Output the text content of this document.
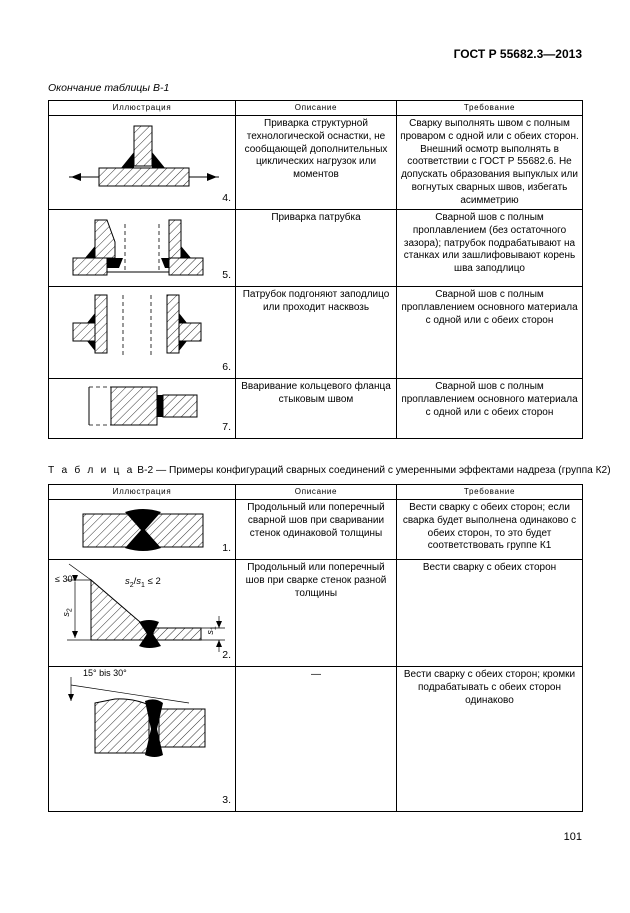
ГОСТ Р 55682.3—2013
Окончание таблицы В-1
Иллюстрация	Описание	Требование

4.	Приварка структурной технологической оснастки, не сообщающей дополнительных циклических нагрузок или моментов	Сварку выполнять швом с полным проваром с одной или с обеих сторон. Внешний осмотр выполнять в соответствии с ГОСТ Р 55682.6. Не допускать образования выпуклых или вогнутых сварных швов, избегать асимметрию

5.	Приварка патрубка	Сварной шов с полным проплавлением (без остаточного зазора); патрубок подрабатывают на станках или зашлифовывают корень шва заподлицо

6.	Патрубок подгоняют заподлицо или проходит насквозь	Сварной шов с полным проплавлением основного материала с одной или с обеих сторон

7.	Вваривание кольцевого фланца стыковым швом	Сварной шов с полным проплавлением основного материала с одной или с обеих сторон
Т а б л и ц а В-2 — Примеры конфигураций сварных соединений с умеренными эффектами надреза (группа К2)
Иллюстрация	Описание	Требование

1.	Продольный или поперечный сварной шов при сваривании стенок одинаковой толщины	Вести сварку с обеих сторон; если сварка будет выполнена одинаково с обеих сторон, то это будет соответствовать группе К1

≤ 30° $s_2/s_1 \le 2$
$s_2$
$s_1$
2.	Продольный или поперечный шов при сварке стенок разной толщины	Вести сварку с обеих сторон

15° bis 30°
3.	—	Вести сварку с обеих сторон; кромки подрабатывать с обеих сторон одинаково
101
